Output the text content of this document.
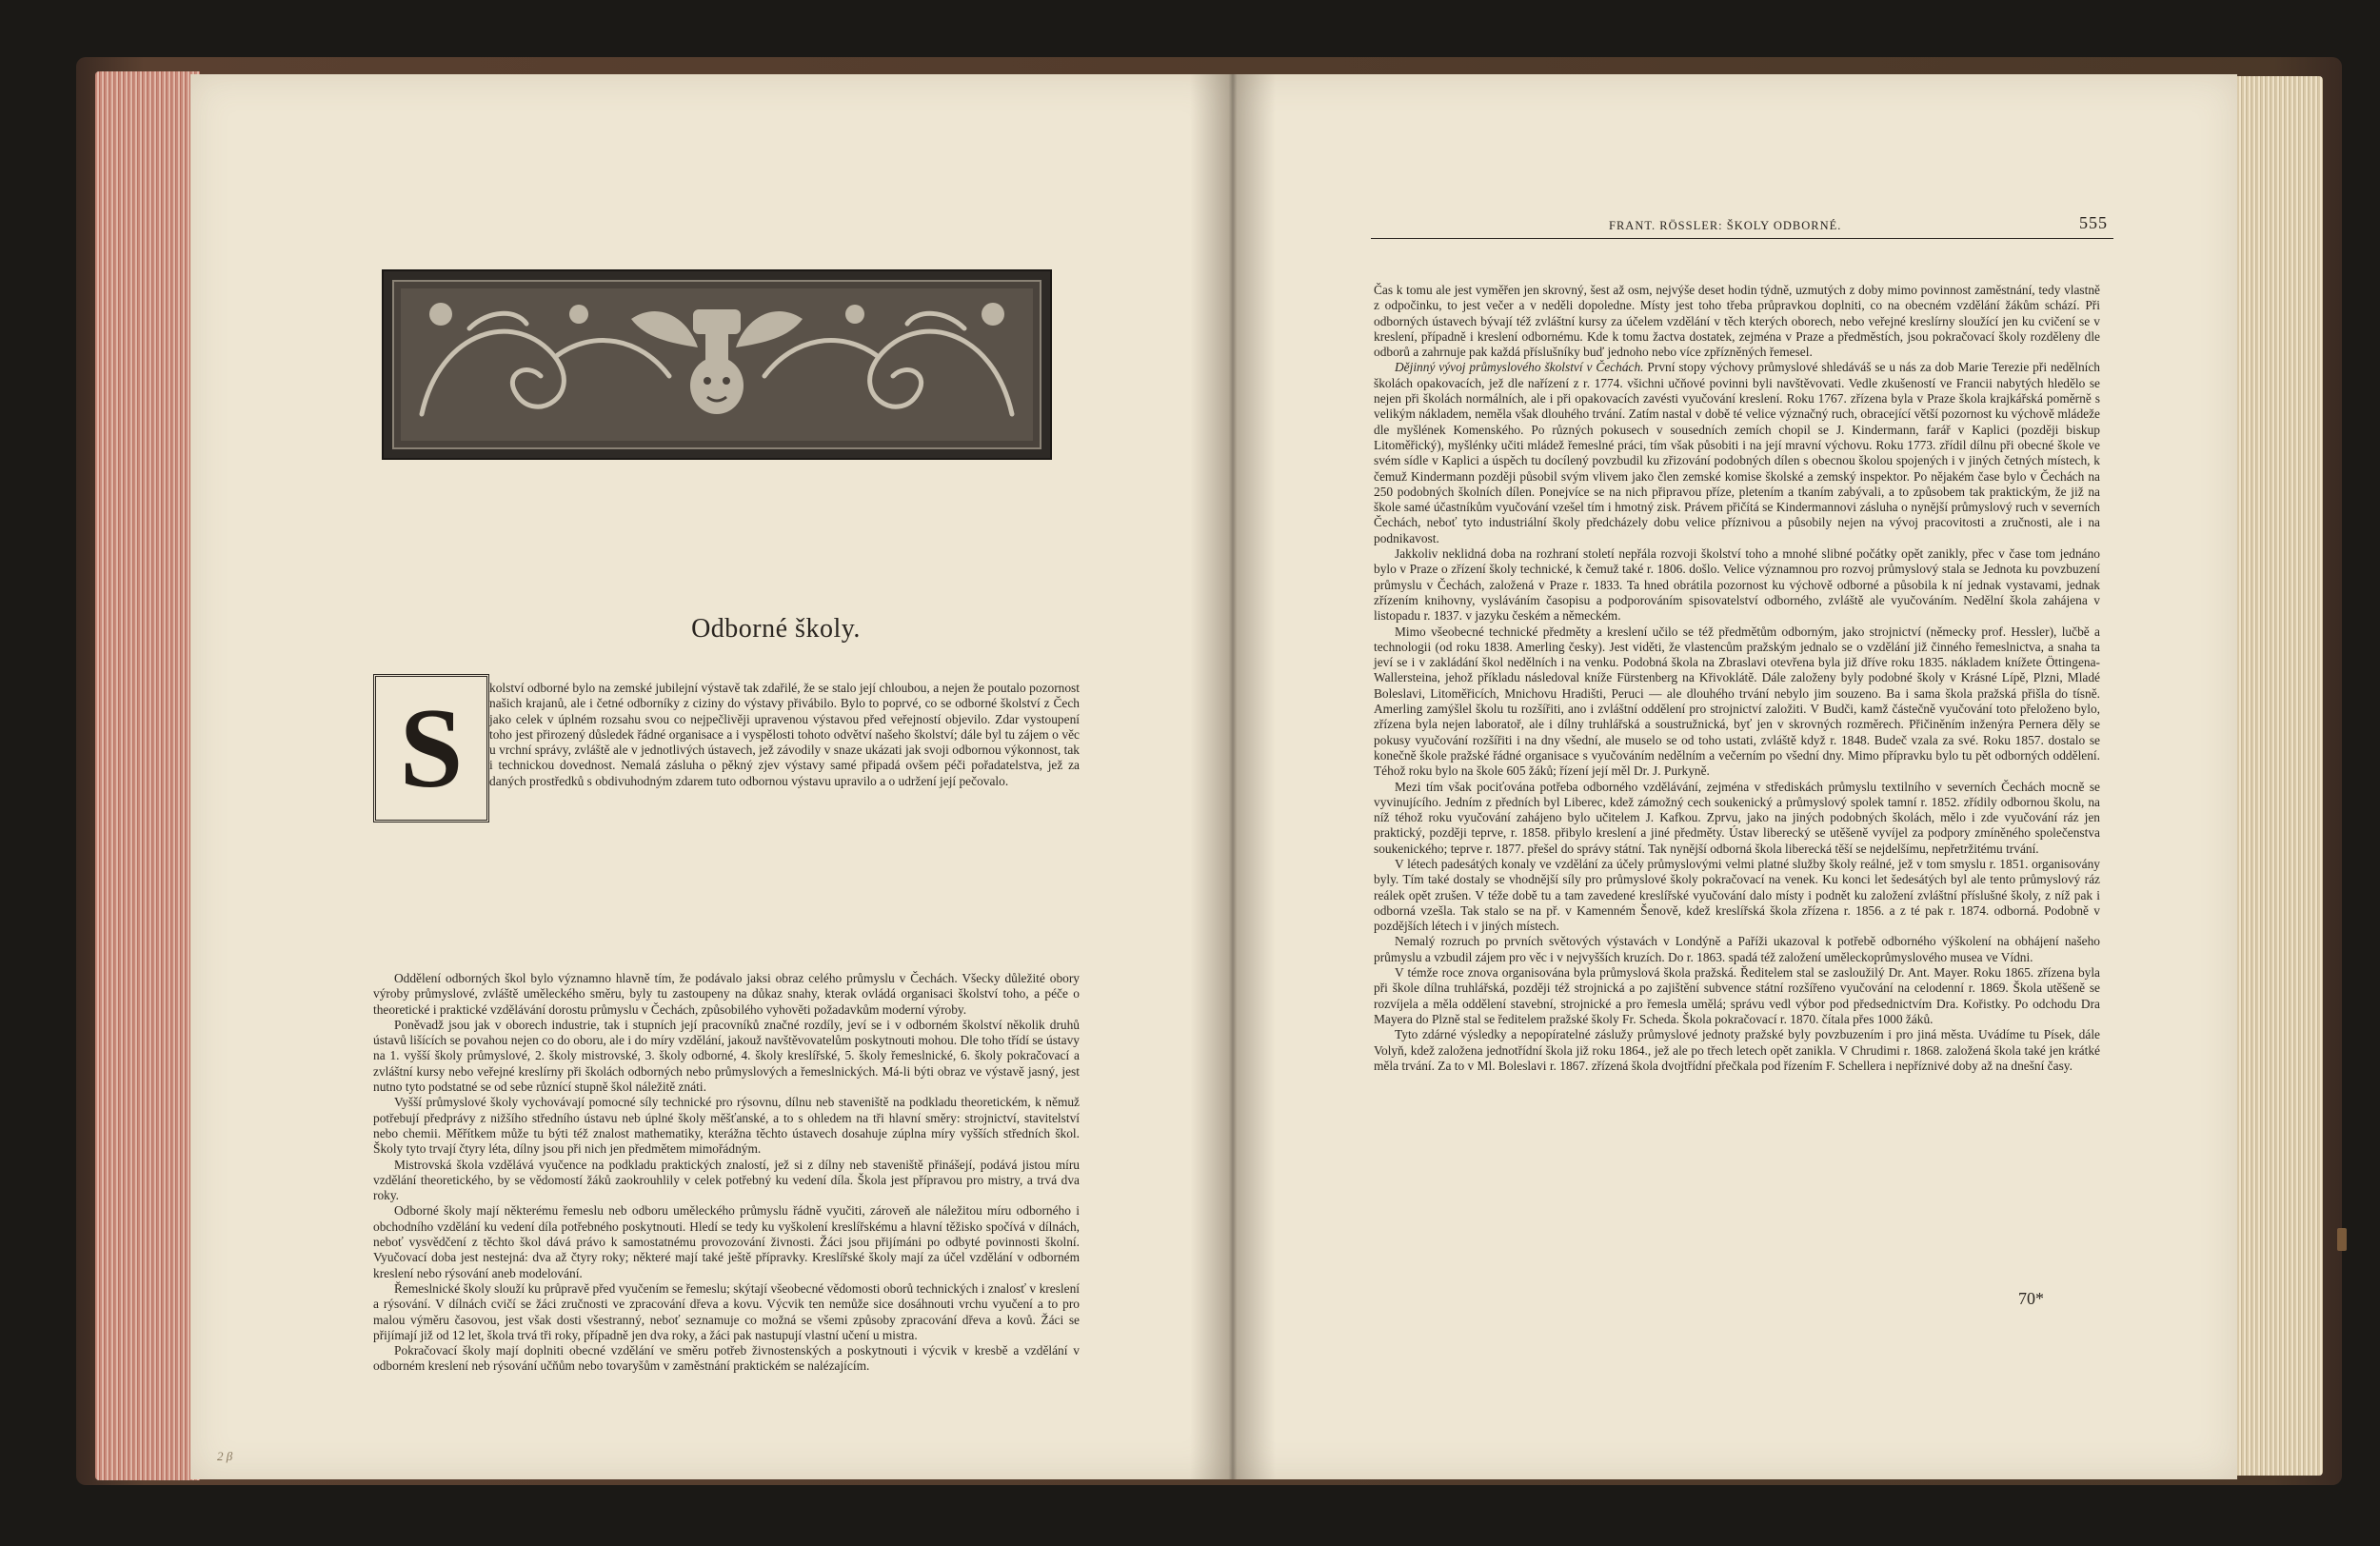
Odborné školy.
S kolství odborné bylo na zemské jubilejní výstavě tak zdařilé, že se stalo její chloubou, a nejen že poutalo pozornost našich krajanů, ale i četné odborníky z ciziny do výstavy přivábilo. Bylo to poprvé, co se odborné školství z Čech jako celek v úplném rozsahu svou co nejpečlivěji upravenou výstavou před veřejností objevilo. Zdar vystoupení toho jest přirozený důsledek řádné organisace a i vyspělosti tohoto odvětví našeho školství; dále byl tu zájem o věc u vrchní správy, zvláště ale v jednotlivých ústavech, jež závodily v snaze ukázati jak svoji odbornou výkonnost, tak i technickou dovednost. Nemalá zásluha o pěkný zjev výstavy samé připadá ovšem péči pořadatelstva, jež za daných prostředků s obdivuhodným zdarem tuto odbornou výstavu upravilo a o udržení její pečovalo.

Oddělení odborných škol bylo významno hlavně tím, že podávalo jaksi obraz celého průmyslu v Čechách. Všecky důležité obory výroby průmyslové, zvláště uměleckého směru, byly tu zastoupeny na důkaz snahy, kterak ovládá organisaci školství toho, a péče o theoretické i praktické vzdělávání dorostu průmyslu v Čechách, způsobilého vyhověti požadavkům moderní výroby.

Poněvadž jsou jak v oborech industrie, tak i stupních její pracovníků značné rozdíly, jeví se i v odborném školství několik druhů ústavů lišících se povahou nejen co do oboru, ale i do míry vzdělání, jakouž navštěvovatelům poskytnouti mohou. Dle toho třídí se ústavy na 1. vyšší školy průmyslové, 2. školy mistrovské, 3. školy odborné, 4. školy kreslířské, 5. školy řemeslnické, 6. školy pokračovací a zvláštní kursy nebo veřejné kreslírny při školách odborných nebo průmyslových a řemeslnických. Má-li býti obraz ve výstavě jasný, jest nutno tyto podstatné se od sebe různící stupně škol náležitě znáti.

Vyšší průmyslové školy vychovávají pomocné síly technické pro rýsovnu, dílnu neb staveniště na podkladu theoretickém, k němuž potřebují předprávy z nižšího středního ústavu neb úplné školy měšťanské, a to s ohledem na tři hlavní směry: strojnictví, stavitelství nebo chemii. Měřítkem může tu býti též znalost mathematiky, kterážna těchto ústavech dosahuje zúplna míry vyšších středních škol. Školy tyto trvají čtyry léta, dílny jsou při nich jen předmětem mimořádným.

Mistrovská škola vzdělává vyučence na podkladu praktických znalostí, jež si z dílny neb staveniště přinášejí, podává jistou míru vzdělání theoretického, by se vědomostí žáků zaokrouhlily v celek potřebný ku vedení díla. Škola jest přípravou pro mistry, a trvá dva roky.

Odborné školy mají některému řemeslu neb odboru uměleckého průmyslu řádně vyučiti, zároveň ale náležitou míru odborného i obchodního vzdělání ku vedení díla potřebného poskytnouti. Hledí se tedy ku vyškolení kreslířskému a hlavní těžisko spočívá v dílnách, neboť vysvědčení z těchto škol dává právo k samostatnému provozování živnosti. Žáci jsou přijímáni po odbyté povinnosti školní. Vyučovací doba jest nestejná: dva až čtyry roky; některé mají také ještě přípravky. Kreslířské školy mají za účel vzdělání v odborném kreslení nebo rýsování aneb modelování.

Řemeslnické školy slouží ku průpravě před vyučením se řemeslu; skýtají všeobecné vědomosti oborů technických i znalosť v kreslení a rýsování. V dílnách cvičí se žáci zručnosti ve zpracování dřeva a kovu. Výcvik ten nemůže sice dosáhnouti vrchu vyučení a to pro malou výměru časovou, jest však dosti všestranný, neboť seznamuje co možná se všemi způsoby zpracování dřeva a kovů. Žáci se přijímají již od 12 let, škola trvá tři roky, případně jen dva roky, a žáci pak nastupují vlastní učení u mistra.

Pokračovací školy mají doplniti obecné vzdělání ve směru potřeb živnostenských a poskytnouti i výcvik v kresbě a vzdělání v odborném kreslení neb rýsování učňům nebo tovaryšům v zaměstnání praktickém se nalézajícím.

2 β
FRANT. RÖSSLER: ŠKOLY ODBORNÉ.	555

Čas k tomu ale jest vyměřen jen skrovný, šest až osm, nejvýše deset hodin týdně, uzmutých z doby mimo povinnost zaměstnání, tedy vlastně z odpočinku, to jest večer a v neděli dopoledne. Místy jest toho třeba průpravkou doplniti, co na obecném vzdělání žákům schází. Při odborných ústavech bývají též zvláštní kursy za účelem vzdělání v těch kterých oborech, nebo veřejné kreslírny sloužící jen ku cvičení se v kreslení, případně i kreslení odbornému. Kde k tomu žactva dostatek, zejména v Praze a předměstích, jsou pokračovací školy rozděleny dle odborů a zahrnuje pak každá příslušníky buď jednoho nebo více zpřízněných řemesel.

Dějinný vývoj průmyslového školství v Čechách. První stopy výchovy průmyslové shledáváš se u nás za dob Marie Terezie při nedělních školách opakovacích, jež dle nařízení z r. 1774. všichni učňové povinni byli navštěvovati. Vedle zkušeností ve Francii nabytých hledělo se nejen při školách normálních, ale i při opakovacích zavésti vyučování kreslení. Roku 1767. zřízena byla v Praze škola krajkářská poměrně s velikým nákladem, neměla však dlouhého trvání. Zatím nastal v době té velice význačný ruch, obracející větší pozornost ku výchově mládeže dle myšlének Komenského. Po různých pokusech v sousedních zemích chopil se J. Kindermann, farář v Kaplici (později biskup Litoměřický), myšlénky učiti mládež řemeslné práci, tím však působiti i na její mravní výchovu. Roku 1773. zřídil dílnu při obecné škole ve svém sídle v Kaplici a úspěch tu docílený povzbudil ku zřizování podobných dílen s obecnou školou spojených i v jiných četných místech, k čemuž Kindermann později působil svým vlivem jako člen zemské komise školské a zemský inspektor. Po nějakém čase bylo v Čechách na 250 podobných školních dílen. Ponejvíce se na nich připravou příze, pletením a tkaním zabývali, a to způsobem tak praktickým, že již na škole samé účastníkům vyučování vzešel tím i hmotný zisk. Právem přičítá se Kindermannovi zásluha o nynější průmyslový ruch v severních Čechách, neboť tyto industriální školy předcházely dobu velice příznivou a působily nejen na vývoj pracovitosti a zručnosti, ale i na podnikavost.

Jakkoliv neklidná doba na rozhraní století nepřála rozvoji školství toho a mnohé slibné počátky opět zanikly, přec v čase tom jednáno bylo v Praze o zřízení školy technické, k čemuž také r. 1806. došlo. Velice významnou pro rozvoj průmyslový stala se Jednota ku povzbuzení průmyslu v Čechách, založená v Praze r. 1833. Ta hned obrátila pozornost ku výchově odborné a působila k ní jednak vystavami, jednak zřízením knihovny, vysláváním časopisu a podporováním spisovatelství odborného, zvláště ale vyučováním. Nedělní škola zahájena v listopadu r. 1837. v jazyku českém a německém.

Mimo všeobecné technické předměty a kreslení učilo se též předmětům odborným, jako strojnictví (německy prof. Hessler), lučbě a technologii (od roku 1838. Amerling česky). Jest viděti, že vlastencům pražským jednalo se o vzdělání již činného řemeslnictva, a snaha ta jeví se i v zakládání škol nedělních i na venku. Podobná škola na Zbraslavi otevřena byla již dříve roku 1835. nákladem knížete Öttingena-Wallersteina, jehož příkladu následoval kníže Fürstenberg na Křivoklátě. Dále založeny byly podobné školy v Krásné Lípě, Plzni, Mladé Boleslavi, Litoměřicích, Mnichovu Hradišti, Peruci — ale dlouhého trvání nebylo jim souzeno. Ba i sama škola pražská přišla do tísně. Amerling zamýšlel školu tu rozšířiti, ano i zvláštní oddělení pro strojnictví založiti. V Budči, kamž částečně vyučování toto přeloženo bylo, zřízena byla nejen laboratoř, ale i dílny truhlářská a soustružnická, byť jen v skrovných rozměrech. Přičiněním inženýra Pernera děly se pokusy vyučování rozšířiti i na dny všední, ale muselo se od toho ustati, zvláště když r. 1848. Budeč vzala za své. Roku 1857. dostalo se konečně škole pražské řádné organisace s vyučováním nedělním a večerním po všední dny. Mimo přípravku bylo tu pět odborných oddělení. Téhož roku bylo na škole 605 žáků; řízení její měl Dr. J. Purkyně.

Mezi tím však pociťována potřeba odborného vzdělávání, zejména v střediskách průmyslu textilního v severních Čechách mocně se vyvinujícího. Jedním z předních byl Liberec, kdež zámožný cech soukenický a průmyslový spolek tamní r. 1852. zřídily odbornou školu, na níž téhož roku vyučování zahájeno bylo učitelem J. Kafkou. Zprvu, jako na jiných podobných školách, mělo i zde vyučování ráz jen praktický, později teprve, r. 1858. přibylo kreslení a jiné předměty. Ústav liberecký se utěšeně vyvíjel za podpory zmíněného společenstva soukenického; teprve r. 1877. přešel do správy státní. Tak nynější odborná škola liberecká těší se nejdelšímu, nepřetržitému trvání.

V létech padesátých konaly ve vzdělání za účely průmyslovými velmi platné služby školy reálné, jež v tom smyslu r. 1851. organisovány byly. Tím také dostaly se vhodnější síly pro průmyslové školy pokračovací na venek. Ku konci let šedesátých byl ale tento průmyslový ráz reálek opět zrušen. V téže době tu a tam zavedené kreslířské vyučování dalo místy i podnět ku založení zvláštní příslušné školy, z níž pak i odborná vzešla. Tak stalo se na př. v Kamenném Šenově, kdež kreslířská škola zřízena r. 1856. a z té pak r. 1874. odborná. Podobně v pozdějších létech i v jiných místech.

Nemalý rozruch po prvních světových výstavách v Londýně a Paříži ukazoval k potřebě odborného výškolení na obhájení našeho průmyslu a vzbudil zájem pro věc i v nejvyšších kruzích. Do r. 1863. spadá též založení uměleckoprůmyslového musea ve Vídni.

V témže roce znova organisována byla průmyslová škola pražská. Ředitelem stal se zasloužilý Dr. Ant. Mayer. Roku 1865. zřízena byla při škole dílna truhlářská, později též strojnická a po zajištění subvence státní rozšířeno vyučování na celodenní r. 1869. Škola utěšeně se rozvíjela a měla oddělení stavební, strojnické a pro řemesla umělá; správu vedl výbor pod předsednictvím Dra. Kořistky. Po odchodu Dra Mayera do Plzně stal se ředitelem pražské školy Fr. Scheda. Škola pokračovací r. 1870. čítala přes 1000 žáků.

Tyto zdárné výsledky a nepopíratelné záslužy průmyslové jednoty pražské byly povzbuzením i pro jiná města. Uvádíme tu Písek, dále Volyň, kdež založena jednotřídní škola již roku 1864., jež ale po třech letech opět zanikla. V Chrudimi r. 1868. založená škola také jen krátké měla trvání. Za to v Ml. Boleslavi r. 1867. zřízená škola dvojtřídní přečkala pod řízením F. Schellera i nepříznivé doby až na dnešní časy.

70*
